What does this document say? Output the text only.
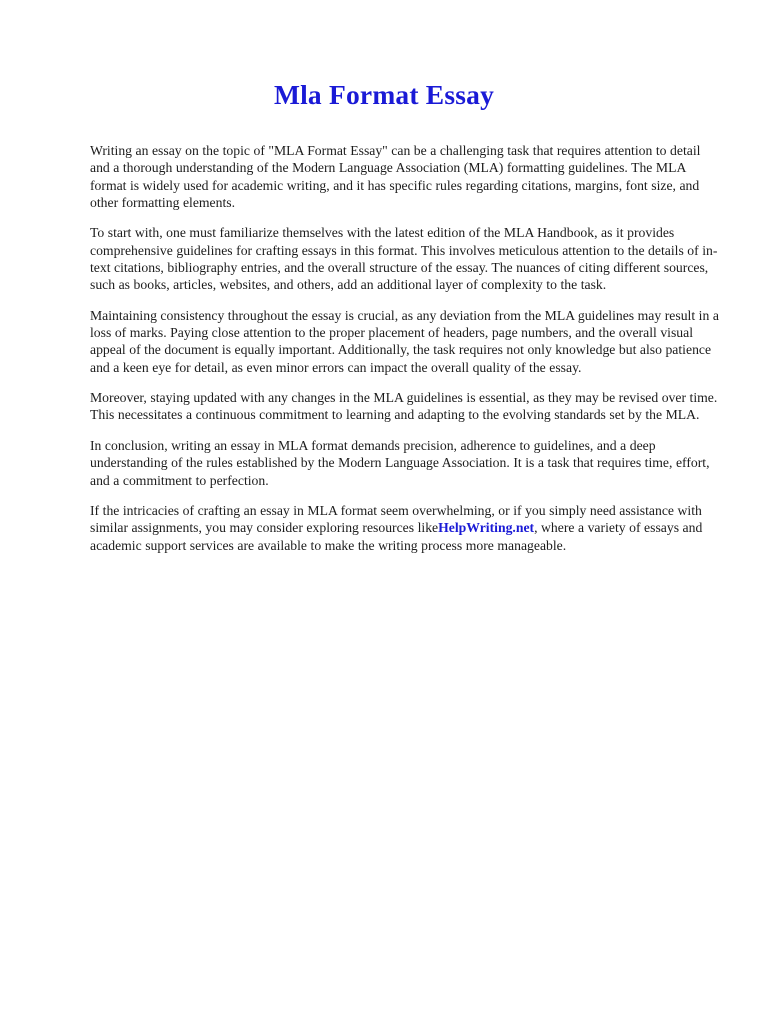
Mla Format Essay

Writing an essay on the topic of "MLA Format Essay" can be a challenging task that requires attention to detail and a thorough understanding of the Modern Language Association (MLA) formatting guidelines. The MLA format is widely used for academic writing, and it has specific rules regarding citations, margins, font size, and other formatting elements.

To start with, one must familiarize themselves with the latest edition of the MLA Handbook, as it provides comprehensive guidelines for crafting essays in this format. This involves meticulous attention to the details of in-text citations, bibliography entries, and the overall structure of the essay. The nuances of citing different sources, such as books, articles, websites, and others, add an additional layer of complexity to the task.

Maintaining consistency throughout the essay is crucial, as any deviation from the MLA guidelines may result in a loss of marks. Paying close attention to the proper placement of headers, page numbers, and the overall visual appeal of the document is equally important. Additionally, the task requires not only knowledge but also patience and a keen eye for detail, as even minor errors can impact the overall quality of the essay.

Moreover, staying updated with any changes in the MLA guidelines is essential, as they may be revised over time. This necessitates a continuous commitment to learning and adapting to the evolving standards set by the MLA.

In conclusion, writing an essay in MLA format demands precision, adherence to guidelines, and a deep understanding of the rules established by the Modern Language Association. It is a task that requires time, effort, and a commitment to perfection.

If the intricacies of crafting an essay in MLA format seem overwhelming, or if you simply need assistance with similar assignments, you may consider exploring resources likeHelpWriting.net, where a variety of essays and academic support services are available to make the writing process more manageable.
